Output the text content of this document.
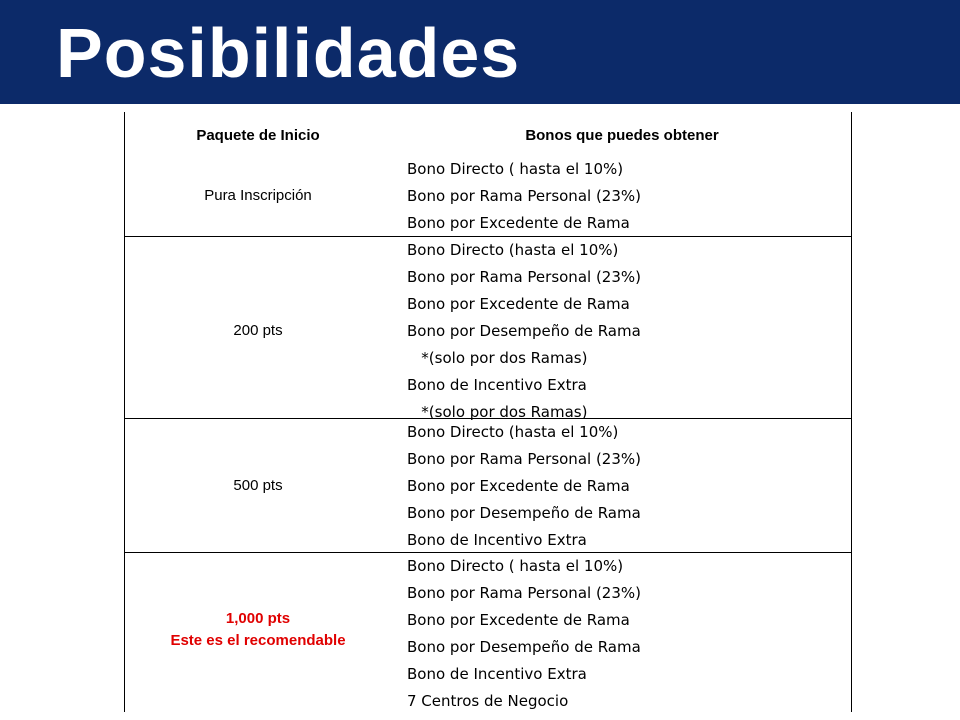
Posibilidades
Paquete de Inicio	Bonos que puedes obtener
Pura Inscripción
Bono Directo ( hasta el 10%)
Bono por Rama Personal (23%)
Bono por Excedente de Rama
200 pts
Bono Directo (hasta el 10%)
Bono por Rama Personal (23%)
Bono por Excedente de Rama
Bono por Desempeño de Rama
*(solo por dos Ramas)
Bono de Incentivo Extra
*(solo por dos Ramas)
500 pts
Bono Directo (hasta el 10%)
Bono por Rama Personal (23%)
Bono por Excedente de Rama
Bono por Desempeño de Rama
Bono de Incentivo Extra
1,000 pts
Este es el recomendable
Bono Directo ( hasta el 10%)
Bono por Rama Personal (23%)
Bono por Excedente de Rama
Bono por Desempeño de Rama
Bono de Incentivo Extra
7 Centros de Negocio
